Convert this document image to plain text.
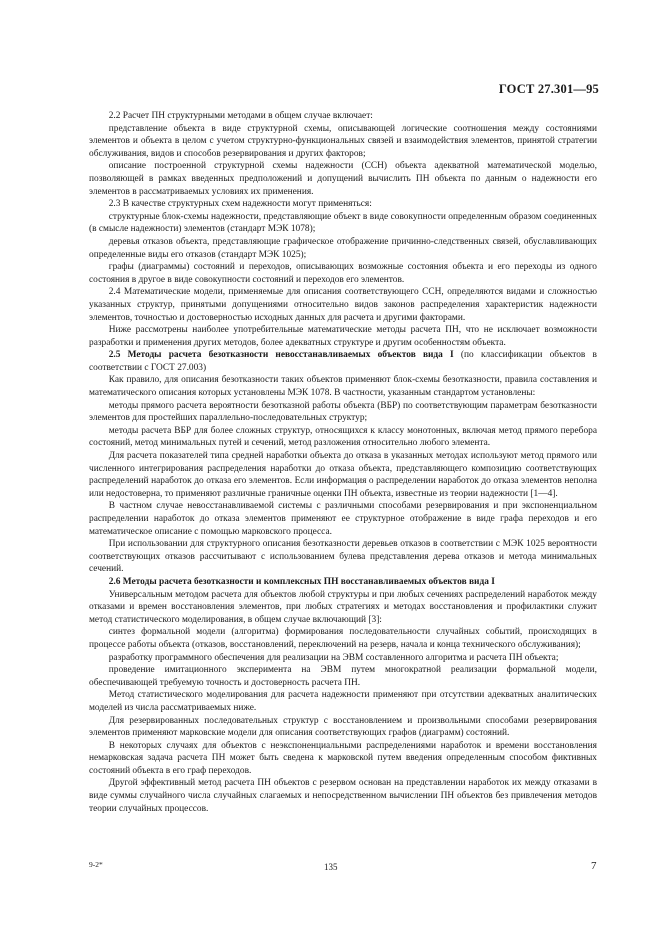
ГОСТ 27.301—95

2.2 Расчет ПН структурными методами в общем случае включает:

представление объекта в виде структурной схемы, описывающей логические соотношения между состояниями элементов и объекта в целом с учетом структурно-функциональных связей и взаимодействия элементов, принятой стратегии обслуживания, видов и способов резервирования и других факторов;

описание построенной структурной схемы надежности (ССН) объекта адекватной математической моделью, позволяющей в рамках введенных предположений и допущений вычислить ПН объекта по данным о надежности его элементов в рассматриваемых условиях их применения.

2.3 В качестве структурных схем надежности могут применяться:

структурные блок-схемы надежности, представляющие объект в виде совокупности определенным образом соединенных (в смысле надежности) элементов (стандарт МЭК 1078);

деревья отказов объекта, представляющие графическое отображение причинно-следственных связей, обуславливающих определенные виды его отказов (стандарт МЭК 1025);

графы (диаграммы) состояний и переходов, описывающих возможные состояния объекта и его переходы из одного состояния в другое в виде совокупности состояний и переходов его элементов.

2.4 Математические модели, применяемые для описания соответствующего ССН, определяются видами и сложностью указанных структур, принятыми допущениями относительно видов законов распределения характеристик надежности элементов, точностью и достоверностью исходных данных для расчета и другими факторами.

Ниже рассмотрены наиболее употребительные математические методы расчета ПН, что не исключает возможности разработки и применения других методов, более адекватных структуре и другим особенностям объекта.

2.5 Методы расчета безотказности невосстанавливаемых объектов вида I (по классификации объектов в соответствии с ГОСТ 27.003)

Как правило, для описания безотказности таких объектов применяют блок-схемы безотказности, правила составления и математического описания которых установлены МЭК 1078. В частности, указанным стандартом установлены:

методы прямого расчета вероятности безотказной работы объекта (ВБР) по соответствующим параметрам безотказности элементов для простейших параллельно-последовательных структур;

методы расчета ВБР для более сложных структур, относящихся к классу монотонных, включая метод прямого перебора состояний, метод минимальных путей и сечений, метод разложения относительно любого элемента.

Для расчета показателей типа средней наработки объекта до отказа в указанных методах используют метод прямого или численного интегрирования распределения наработки до отказа объекта, представляющего композицию соответствующих распределений наработок до отказа его элементов. Если информация о распределении наработок до отказа элементов неполна или недостоверна, то применяют различные граничные оценки ПН объекта, известные из теории надежности [1—4].

В частном случае невосстанавливаемой системы с различными способами резервирования и при экспоненциальном распределении наработок до отказа элементов применяют ее структурное отображение в виде графа переходов и его математическое описание с помощью марковского процесса.

При использовании для структурного описания безотказности деревьев отказов в соответствии с МЭК 1025 вероятности соответствующих отказов рассчитывают с использованием булева представления дерева отказов и метода минимальных сечений.

2.6 Методы расчета безотказности и комплексных ПН восстанавливаемых объектов вида I

Универсальным методом расчета для объектов любой структуры и при любых сечениях распределений наработок между отказами и времен восстановления элементов, при любых стратегиях и методах восстановления и профилактики служит метод статистического моделирования, в общем случае включающий [3]:

синтез формальной модели (алгоритма) формирования последовательности случайных событий, происходящих в процессе работы объекта (отказов, восстановлений, переключений на резерв, начала и конца технического обслуживания);

разработку программного обеспечения для реализации на ЭВМ составленного алгоритма и расчета ПН объекта;

проведение имитационного эксперимента на ЭВМ путем многократной реализации формальной модели, обеспечивающей требуемую точность и достоверность расчета ПН.

Метод статистического моделирования для расчета надежности применяют при отсутствии адекватных аналитических моделей из числа рассматриваемых ниже.

Для резервированных последовательных структур с восстановлением и произвольными способами резервирования элементов применяют марковские модели для описания соответствующих графов (диаграмм) состояний.

В некоторых случаях для объектов с неэкспоненциальными распределениями наработок и времени восстановления немарковская задача расчета ПН может быть сведена к марковской путем введения определенным способом фиктивных состояний объекта в его граф переходов.

Другой эффективный метод расчета ПН объектов с резервом основан на представлении наработок их между отказами в виде суммы случайного числа случайных слагаемых и непосредственном вычислении ПН объектов без привлечения методов теории случайных процессов.

9-2*	135	7
